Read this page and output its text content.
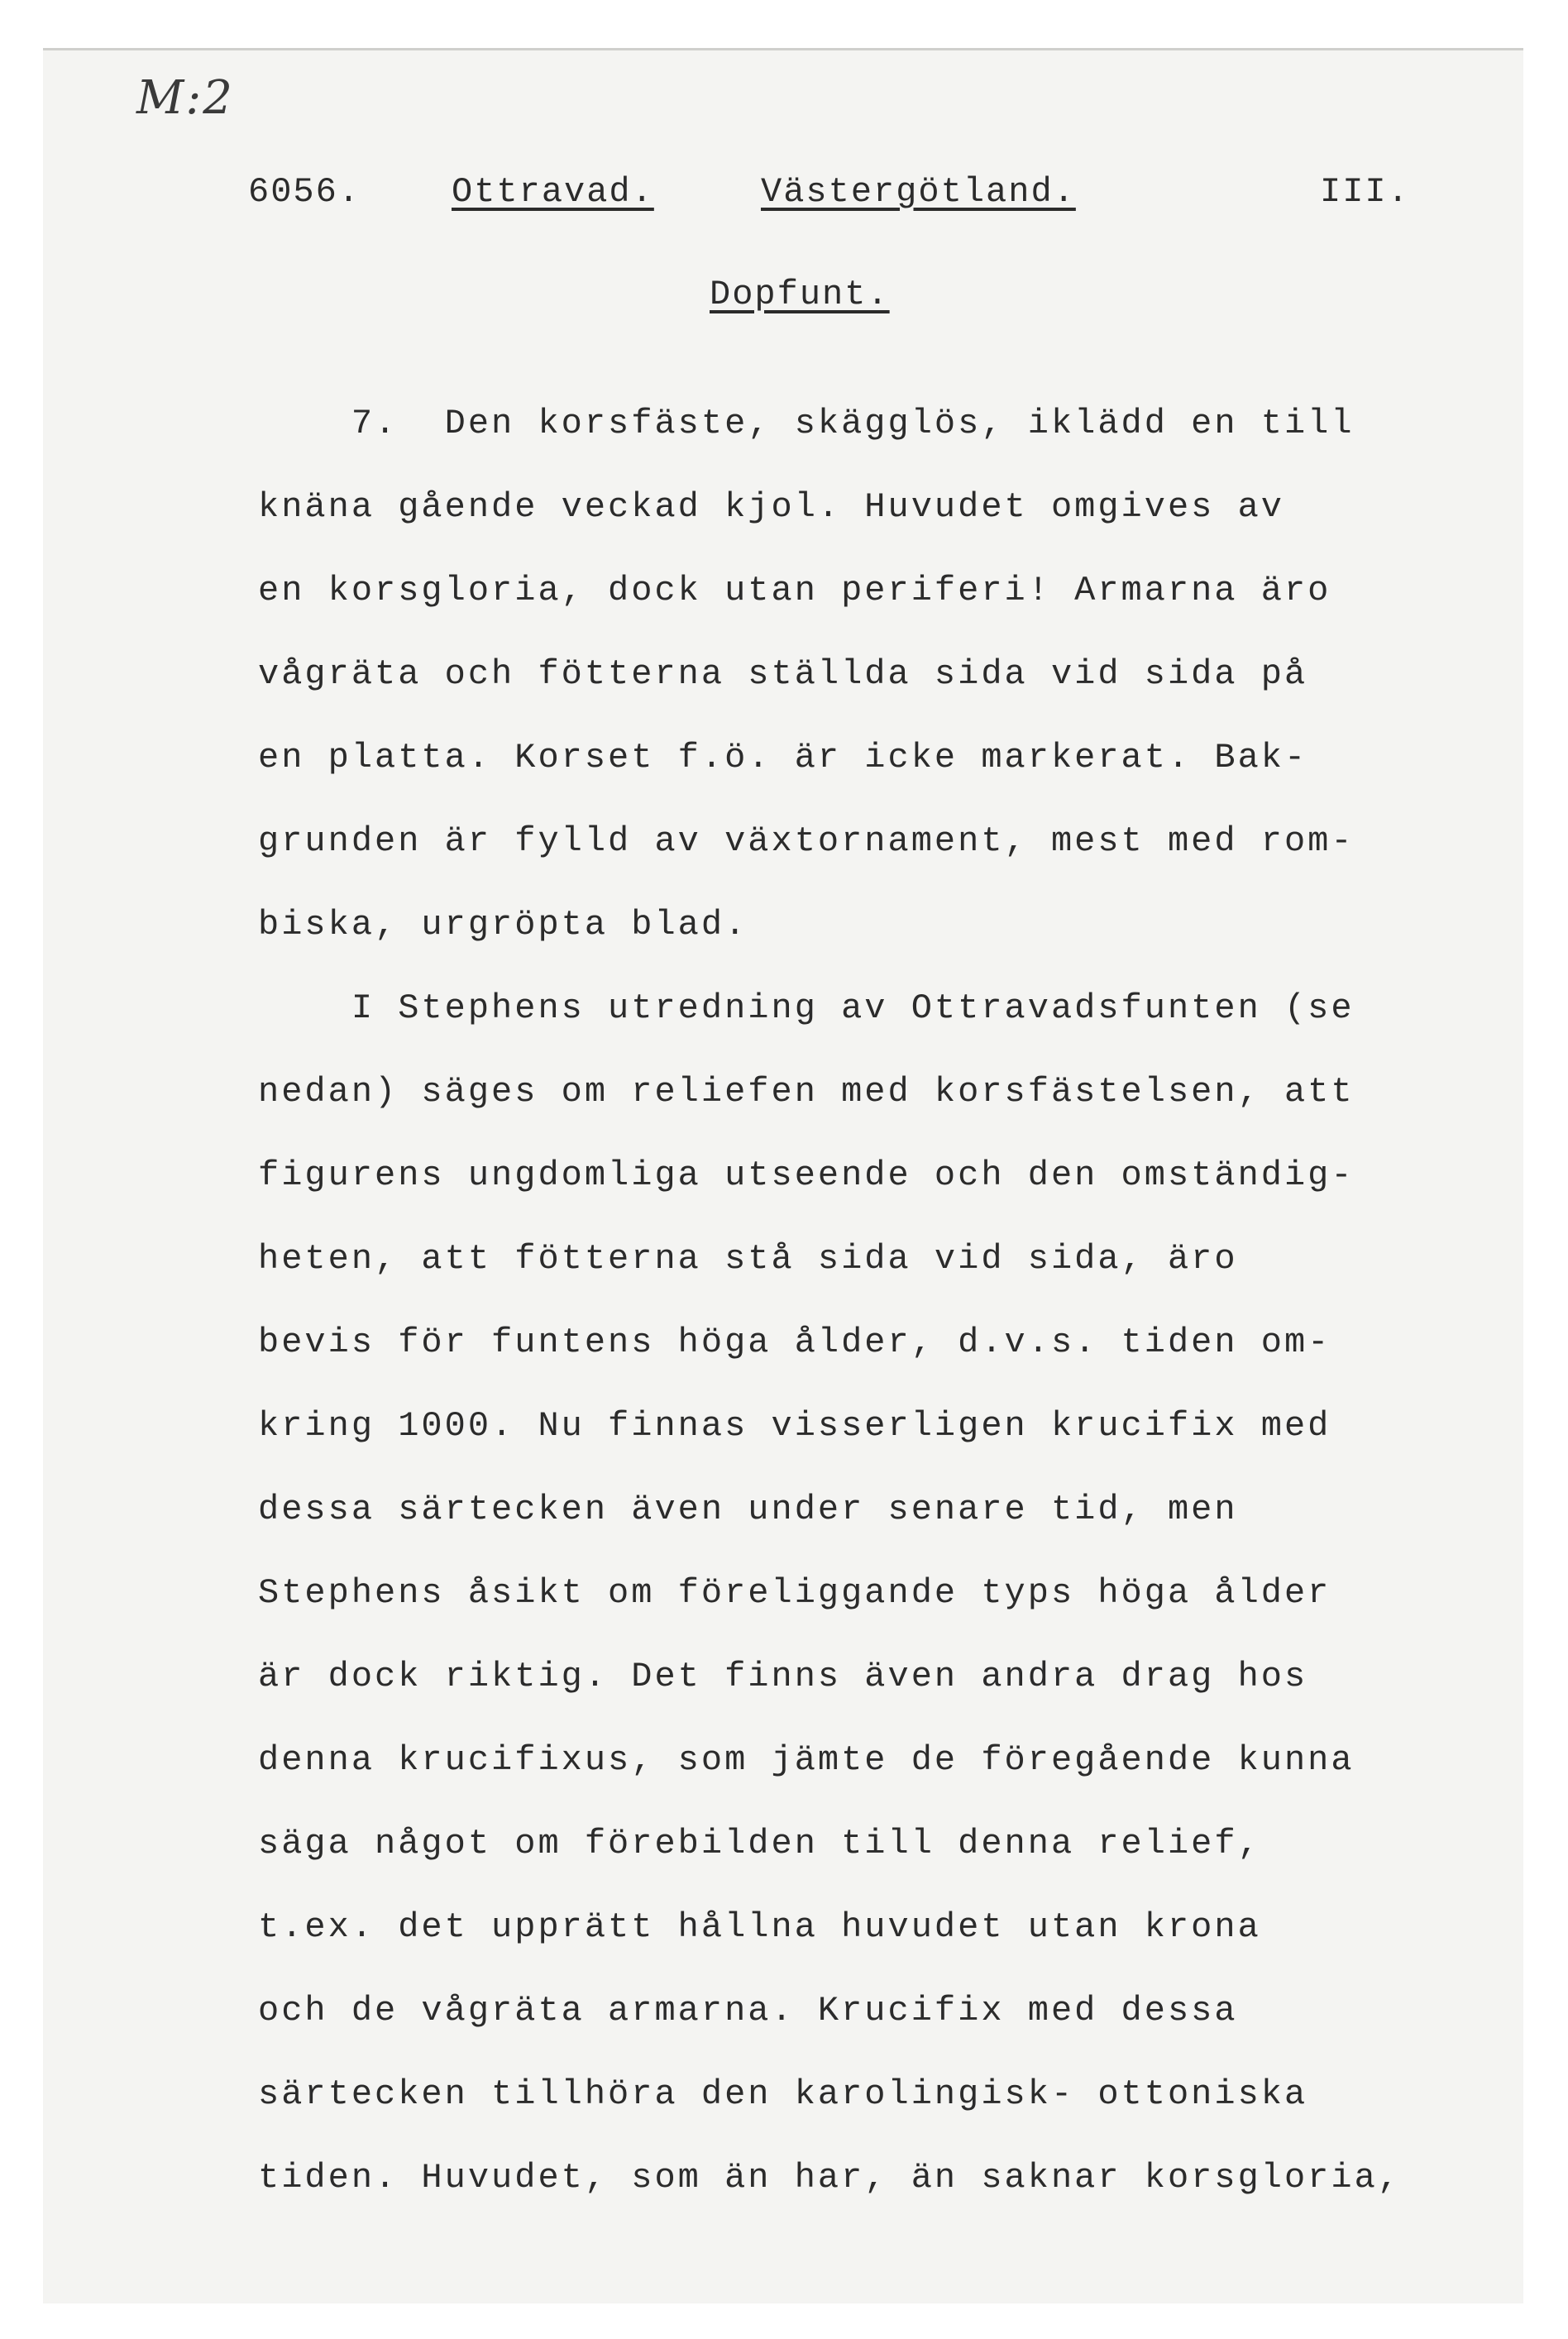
M:2
6056.	Ottravad.	Västergötland.	III.
Dopfunt.
7.  Den korsfäste, skägglös, iklädd en till
knäna gående veckad kjol. Huvudet omgives av
en korsgloria, dock utan periferi! Armarna äro
vågräta och fötterna ställda sida vid sida på
en platta. Korset f.ö. är icke markerat. Bak-
grunden är fylld av växtornament, mest med rom-
biska, urgröpta blad.
I Stephens utredning av Ottravadsfunten (se
nedan) säges om reliefen med korsfästelsen, att
figurens ungdomliga utseende och den omständig-
heten, att fötterna stå sida vid sida, äro
bevis för funtens höga ålder, d.v.s. tiden om-
kring 1000. Nu finnas visserligen krucifix med
dessa särtecken även under senare tid, men
Stephens åsikt om föreliggande typs höga ålder
är dock riktig. Det finns även andra drag hos
denna krucifixus, som jämte de föregående kunna
säga något om förebilden till denna relief,
t.ex. det upprätt hållna huvudet utan krona
och de vågräta armarna. Krucifix med dessa
särtecken tillhöra den karolingisk- ottoniska
tiden. Huvudet, som än har, än saknar korsgloria,
